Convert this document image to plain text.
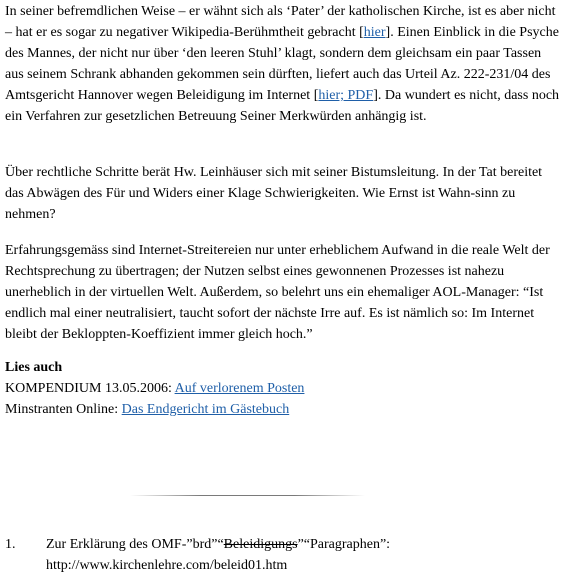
In seiner befremdlichen Weise – er wähnt sich als ‘Pater’ der katholischen Kirche, ist es aber nicht – hat er es sogar zu negativer Wikipedia-Berühmtheit gebracht [hier]. Einen Einblick in die Psyche des Mannes, der nicht nur über ‘den leeren Stuhl’ klagt, sondern dem gleichsam ein paar Tassen aus seinem Schrank abhanden gekommen sein dürften, liefert auch das Urteil Az. 222-231/04 des Amtsgericht Hannover wegen Beleidigung im Internet [hier; PDF]. Da wundert es nicht, dass noch ein Verfahren zur gesetzlichen Betreuung Seiner Merkwürden anhängig ist.

Über rechtliche Schritte berät Hw. Leinhäuser sich mit seiner Bistumsleitung. In der Tat bereitet das Abwägen des Für und Widers einer Klage Schwierigkeiten. Wie Ernst ist Wahn-sinn zu nehmen?

Erfahrungsgemäss sind Internet-Streitereien nur unter erheblichem Aufwand in die reale Welt der Rechtsprechung zu übertragen; der Nutzen selbst eines gewonnenen Prozesses ist nahezu unerheblich in der virtuellen Welt. Außerdem, so belehrt uns ein ehemaliger AOL-Manager: “Ist endlich mal einer neutralisiert, taucht sofort der nächste Irre auf. Es ist nämlich so: Im Internet bleibt der Bekloppten-Koeffizient immer gleich hoch.”

Lies auch
KOMPENDIUM 13.05.2006: Auf verlorenem Posten
Minstranten Online: Das Endgericht im Gästebuch
1. Zur Erklärung des OMF-”brd”“Beleidigungs”“Paragraphen”: http://www.kirchenlehre.com/beleid01.htm
